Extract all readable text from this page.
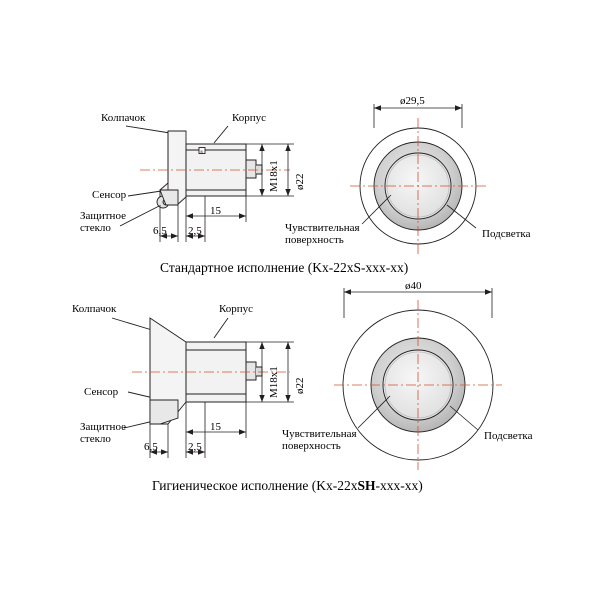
в
Колпачок	Корпус
Сенсор
Защитное
стекло
M18x1 ø22
15
6,5 2,5
ø29,5
Чувствительная
поверхность	Подсветка
Стандартное исполнение (Kx-22xS-xxx-xx)
Колпачок	Корпус
Сенсор
Защитное
стекло
M18x1 ø22
15
6,5	2,5
ø40
Чувствительная
поверхность
Подсветка
Гигиеническое исполнение (Kx-22xSH-xxx-xx)
